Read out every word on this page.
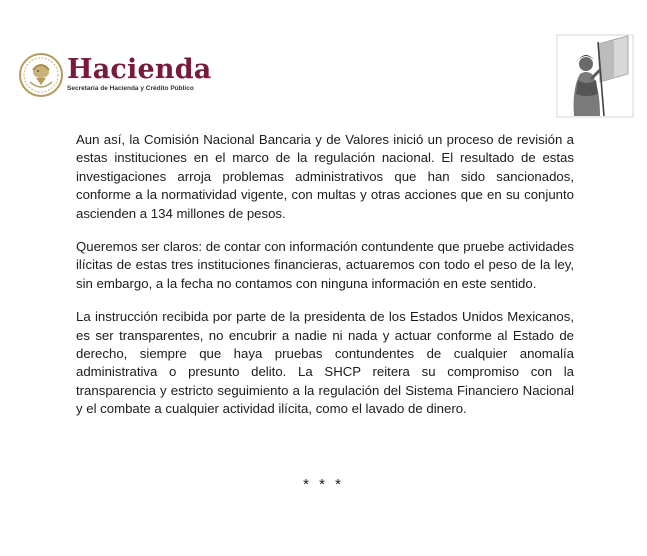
Hacienda
Secretaría de Hacienda y Crédito Público

Aun así, la Comisión Nacional Bancaria y de Valores inició un proceso de revisión a estas instituciones en el marco de la regulación nacional. El resultado de estas investigaciones arroja problemas administrativos que han sido sancionados, conforme a la normatividad vigente, con multas y otras acciones que en su conjunto ascienden a 134 millones de pesos.

Queremos ser claros: de contar con información contundente que pruebe actividades ilícitas de estas tres instituciones financieras, actuaremos con todo el peso de la ley, sin embargo, a la fecha no contamos con ninguna información en este sentido.

La instrucción recibida por parte de la presidenta de los Estados Unidos Mexicanos, es ser transparentes, no encubrir a nadie ni nada y actuar conforme al Estado de derecho, siempre que haya pruebas contundentes de cualquier anomalía administrativa o presunto delito. La SHCP reitera su compromiso con la transparencia y estricto seguimiento a la regulación del Sistema Financiero Nacional y el combate a cualquier actividad ilícita, como el lavado de dinero.

* * *
